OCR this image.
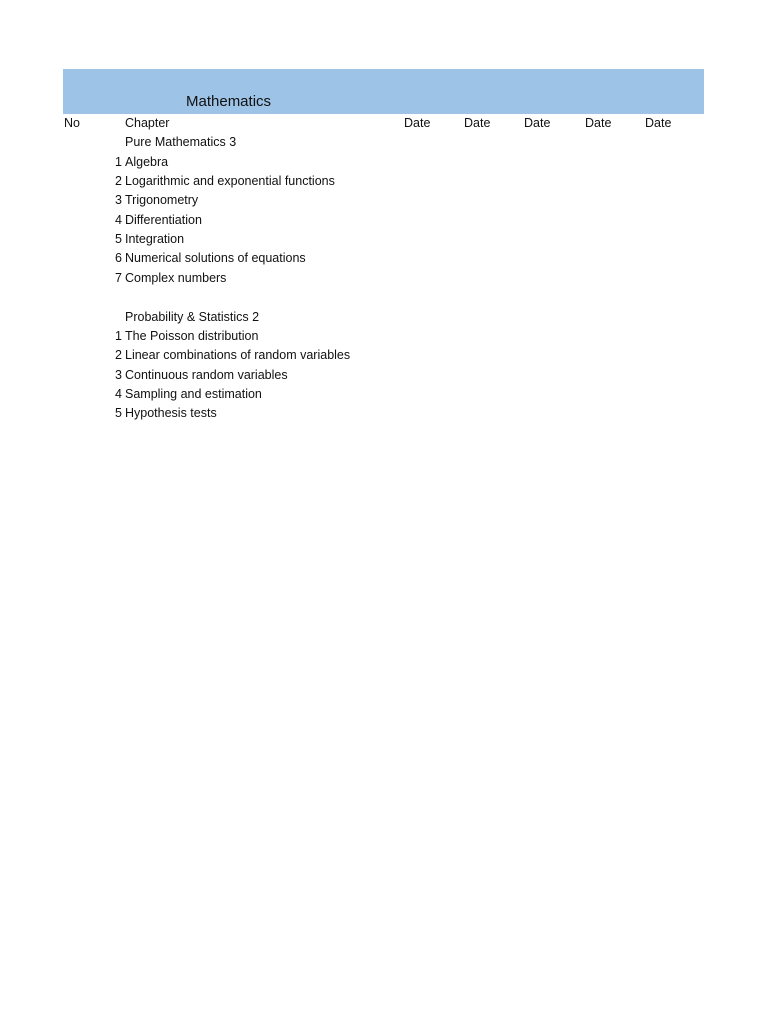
Mathematics
No	Chapter	Date	Date	Date	Date	Date
Pure Mathematics 3
1 Algebra
2 Logarithmic and exponential functions
3 Trigonometry
4 Differentiation
5 Integration
6 Numerical solutions of equations
7 Complex numbers
Probability & Statistics 2
1 The Poisson distribution
2 Linear combinations of random variables
3 Continuous random variables
4 Sampling and estimation
5 Hypothesis tests
